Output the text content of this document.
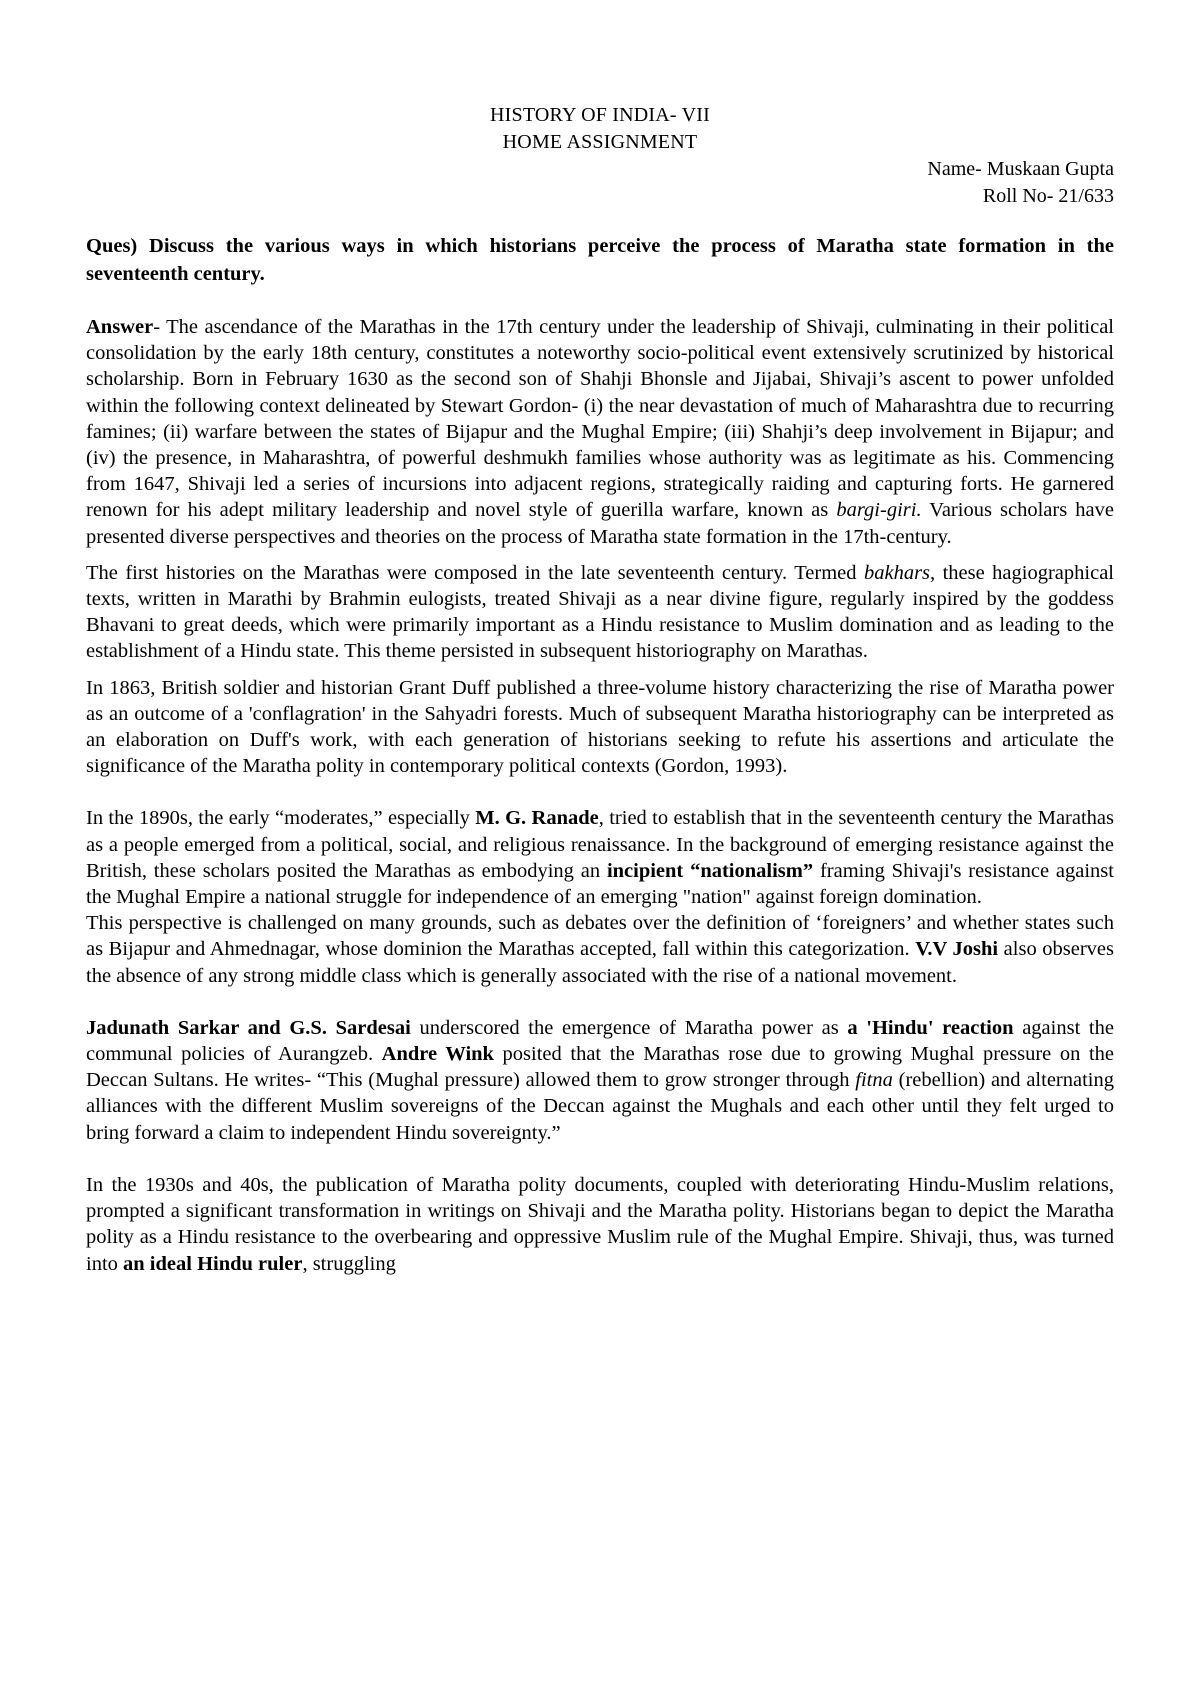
HISTORY OF INDIA- VII

HOME ASSIGNMENT

Name- Muskaan Gupta
Roll No- 21/633

Ques) Discuss the various ways in which historians perceive the process of Maratha state formation in the seventeenth century.

Answer- The ascendance of the Marathas in the 17th century under the leadership of Shivaji, culminating in their political consolidation by the early 18th century, constitutes a noteworthy socio-political event extensively scrutinized by historical scholarship. Born in February 1630 as the second son of Shahji Bhonsle and Jijabai, Shivaji’s ascent to power unfolded within the following context delineated by Stewart Gordon- (i) the near devastation of much of Maharashtra due to recurring famines; (ii) warfare between the states of Bijapur and the Mughal Empire; (iii) Shahji’s deep involvement in Bijapur; and (iv) the presence, in Maharashtra, of powerful deshmukh families whose authority was as legitimate as his. Commencing from 1647, Shivaji led a series of incursions into adjacent regions, strategically raiding and capturing forts. He garnered renown for his adept military leadership and novel style of guerilla warfare, known as bargi-giri. Various scholars have presented diverse perspectives and theories on the process of Maratha state formation in the 17th-century.

The first histories on the Marathas were composed in the late seventeenth century. Termed bakhars, these hagiographical texts, written in Marathi by Brahmin eulogists, treated Shivaji as a near divine figure, regularly inspired by the goddess Bhavani to great deeds, which were primarily important as a Hindu resistance to Muslim domination and as leading to the establishment of a Hindu state. This theme persisted in subsequent historiography on Marathas.

In 1863, British soldier and historian Grant Duff published a three-volume history characterizing the rise of Maratha power as an outcome of a 'conflagration' in the Sahyadri forests. Much of subsequent Maratha historiography can be interpreted as an elaboration on Duff's work, with each generation of historians seeking to refute his assertions and articulate the significance of the Maratha polity in contemporary political contexts (Gordon, 1993).

In the 1890s, the early “moderates,” especially M. G. Ranade, tried to establish that in the seventeenth century the Marathas as a people emerged from a political, social, and religious renaissance. In the background of emerging resistance against the British, these scholars posited the Marathas as embodying an incipient “nationalism” framing Shivaji's resistance against the Mughal Empire a national struggle for independence of an emerging "nation" against foreign domination.

This perspective is challenged on many grounds, such as debates over the definition of ‘foreigners’ and whether states such as Bijapur and Ahmednagar, whose dominion the Marathas accepted, fall within this categorization. V.V Joshi also observes the absence of any strong middle class which is generally associated with the rise of a national movement.

Jadunath Sarkar and G.S. Sardesai underscored the emergence of Maratha power as a 'Hindu' reaction against the communal policies of Aurangzeb. Andre Wink posited that the Marathas rose due to growing Mughal pressure on the Deccan Sultans. He writes- “This (Mughal pressure) allowed them to grow stronger through fitna (rebellion) and alternating alliances with the different Muslim sovereigns of the Deccan against the Mughals and each other until they felt urged to bring forward a claim to independent Hindu sovereignty.”

In the 1930s and 40s, the publication of Maratha polity documents, coupled with deteriorating Hindu-Muslim relations, prompted a significant transformation in writings on Shivaji and the Maratha polity. Historians began to depict the Maratha polity as a Hindu resistance to the overbearing and oppressive Muslim rule of the Mughal Empire. Shivaji, thus, was turned into an ideal Hindu ruler, struggling
